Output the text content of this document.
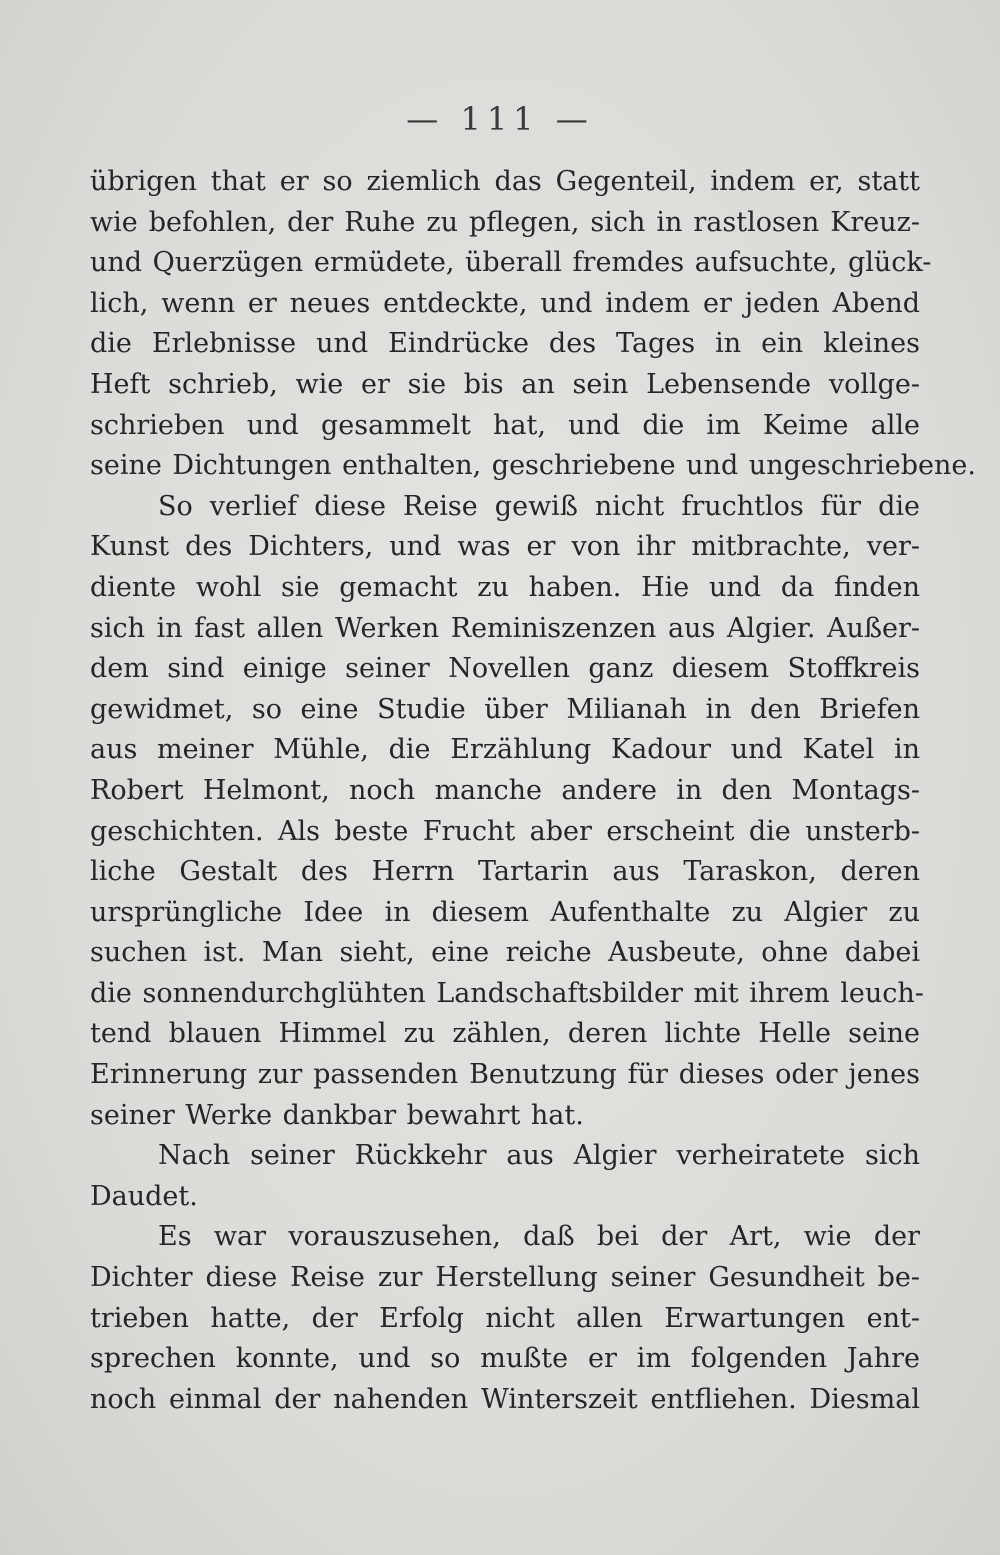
— 111 —
übrigen that er so ziemlich das Gegenteil, indem er, statt
wie befohlen, der Ruhe zu pflegen, sich in rastlosen Kreuz-
und Querzügen ermüdete, überall fremdes aufsuchte, glück-
lich, wenn er neues entdeckte, und indem er jeden Abend
die Erlebnisse und Eindrücke des Tages in ein kleines
Heft schrieb, wie er sie bis an sein Lebensende vollge-
schrieben und gesammelt hat, und die im Keime alle
seine Dichtungen enthalten, geschriebene und ungeschriebene.
So verlief diese Reise gewiß nicht fruchtlos für die
Kunst des Dichters, und was er von ihr mitbrachte, ver-
diente wohl sie gemacht zu haben. Hie und da finden
sich in fast allen Werken Reminiszenzen aus Algier. Außer-
dem sind einige seiner Novellen ganz diesem Stoffkreis
gewidmet, so eine Studie über Milianah in den Briefen
aus meiner Mühle, die Erzählung Kadour und Katel in
Robert Helmont, noch manche andere in den Montags-
geschichten. Als beste Frucht aber erscheint die unsterb-
liche Gestalt des Herrn Tartarin aus Taraskon, deren
ursprüngliche Idee in diesem Aufenthalte zu Algier zu
suchen ist. Man sieht, eine reiche Ausbeute, ohne dabei
die sonnendurchglühten Landschaftsbilder mit ihrem leuch-
tend blauen Himmel zu zählen, deren lichte Helle seine
Erinnerung zur passenden Benutzung für dieses oder jenes
seiner Werke dankbar bewahrt hat.
Nach seiner Rückkehr aus Algier verheiratete sich
Daudet.
Es war vorauszusehen, daß bei der Art, wie der
Dichter diese Reise zur Herstellung seiner Gesundheit be-
trieben hatte, der Erfolg nicht allen Erwartungen ent-
sprechen konnte, und so mußte er im folgenden Jahre
noch einmal der nahenden Winterszeit entfliehen. Diesmal
